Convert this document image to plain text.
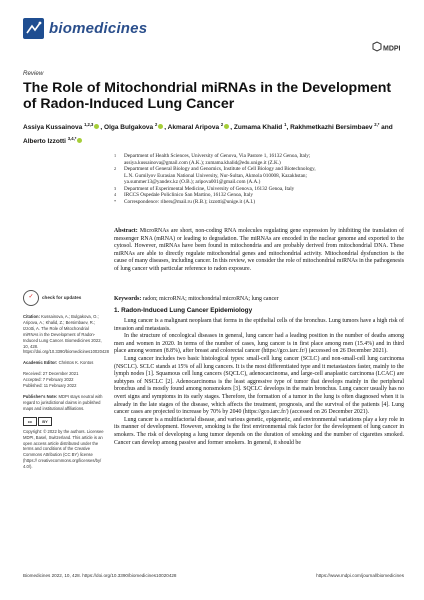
biomedicines
MDPI
Review
The Role of Mitochondrial miRNAs in the Development of Radon-Induced Lung Cancer
Assiya Kussainova $^{1,2,3}$ , Olga Bulgakova $^2$ , Akmaral Aripova $^2$ , Zumama Khalid $^1$, Rakhmetkazhi Bersimbaev $^{2,*}$ and Alberto Izzotti $^{3,4,*}$
1	Department of Health Sciences, University of Genova, Via Pastore 1, 16132 Genoa, Italy;
assiya.kussainova@gmail.com (A.K.); zumama.khalid@edu.unige.it (Z.K.)
2	Department of General Biology and Genomics, Institute of Cell Biology and Biotechnology,
L.N. Gumilyov Eurasian National University, Nur-Sultan, Akmola 010008, Kazakhstan;
ya.summer13@yandex.kz (O.B.); aripova001@gmail.com (A.A.)
3	Department of Experimental Medicine, University of Genova, 16132 Genoa, Italy
4	IRCCS Ospedale Policlinico San Martino, 16132 Genoa, Italy
*	Correspondence: ribers@mail.ru (R.B.); izzotti@unige.it (A.I.)
Abstract: MicroRNAs are short, non-coding RNA molecules regulating gene expression by inhibiting the translation of messenger RNA (mRNA) or leading to degradation. The miRNAs are encoded in the nuclear genome and exported to the cytosol. However, miRNAs have been found in mitochondria and are probably derived from mitochondrial DNA. These miRNAs are able to directly regulate mitochondrial genes and mitochondrial activity. Mitochondrial dysfunction is the cause of many diseases, including cancer. In this review, we consider the role of mitochondrial miRNAs in the pathogenesis of lung cancer with particular reference to radon exposure.
Keywords: radon; microRNA; mitochondrial microRNA; lung cancer
✓	check for updates

Citation: Kussainova, A.; Bulgakova, O.; Aripova, A.; Khalid, Z.; Bersimbaev, R.; Izzotti, A. The Role of Mitochondrial miRNAs in the Development of Radon-Induced Lung Cancer. Biomedicines 2022, 10, 428. https://doi.org/10.3390/biomedicines10020428

Academic Editor: Christos K. Kontos

Received: 27 December 2021
Accepted: 7 February 2022
Published: 11 February 2022

Publisher's Note: MDPI stays neutral with regard to jurisdictional claims in published maps and institutional affiliations.

cc	BY

Copyright: © 2022 by the authors. Licensee MDPI, Basel, Switzerland. This article is an open access article distributed under the terms and conditions of the Creative Commons Attribution (CC BY) license (https:// creativecommons.org/licenses/by/ 4.0/).

1. Radon-Induced Lung Cancer Epidemiology

Lung cancer is a malignant neoplasm that forms in the epithelial cells of the bronchus. Lung tumors have a high risk of invasion and metastasis.

In the structure of oncological diseases in general, lung cancer had a leading position in the number of deaths among men and women in 2020. In terms of the number of cases, lung cancer is in first place among men (15.4%) and in third place among women (8.8%), after breast and colorectal cancer (https://gco.iarc.fr/) (accessed on 26 December 2021).

Lung cancer includes two basic histological types: small-cell lung cancer (SCLC) and non-small-cell lung carcinoma (NSCLC). SCLC stands at 15% of all lung cancers. It is the most differentiated type and it metastasizes faster, mainly to the lymph nodes [1]. Squamous cell lung cancers (SQCLC), adenocarcinoma, and large-cell anaplastic carcinoma (LCAC) are subtypes of NSCLC [2]. Adenocarcinoma is the least aggressive type of tumor that develops mainly in the peripheral bronchus and is mostly found among nonsmokers [3]. SQCLC develops in the main bronchus. Lung cancer usually has no overt signs and symptoms in its early stages. Therefore, the formation of a tumor in the lung is often diagnosed when it is already in the late stages of the disease, which affects the treatment, prognosis, and the survival of the patients [4]. Lung cancer cases are projected to increase by 70% by 2040 (https://gco.iarc.fr/) (accessed on 26 December 2021).

Lung cancer is a multifactorial disease, and various genetic, epigenetic, and environmental variations play a key role in its manner of development. However, smoking is the first environmental risk factor for the development of lung cancer in smokers. The risk of developing a lung tumor depends on the duration of smoking and the number of cigarettes smoked. Cancer can develop among passive and former smokers. In general, it should be

Biomedicines 2022, 10, 428. https://doi.org/10.3390/biomedicines10020428	https://www.mdpi.com/journal/biomedicines
